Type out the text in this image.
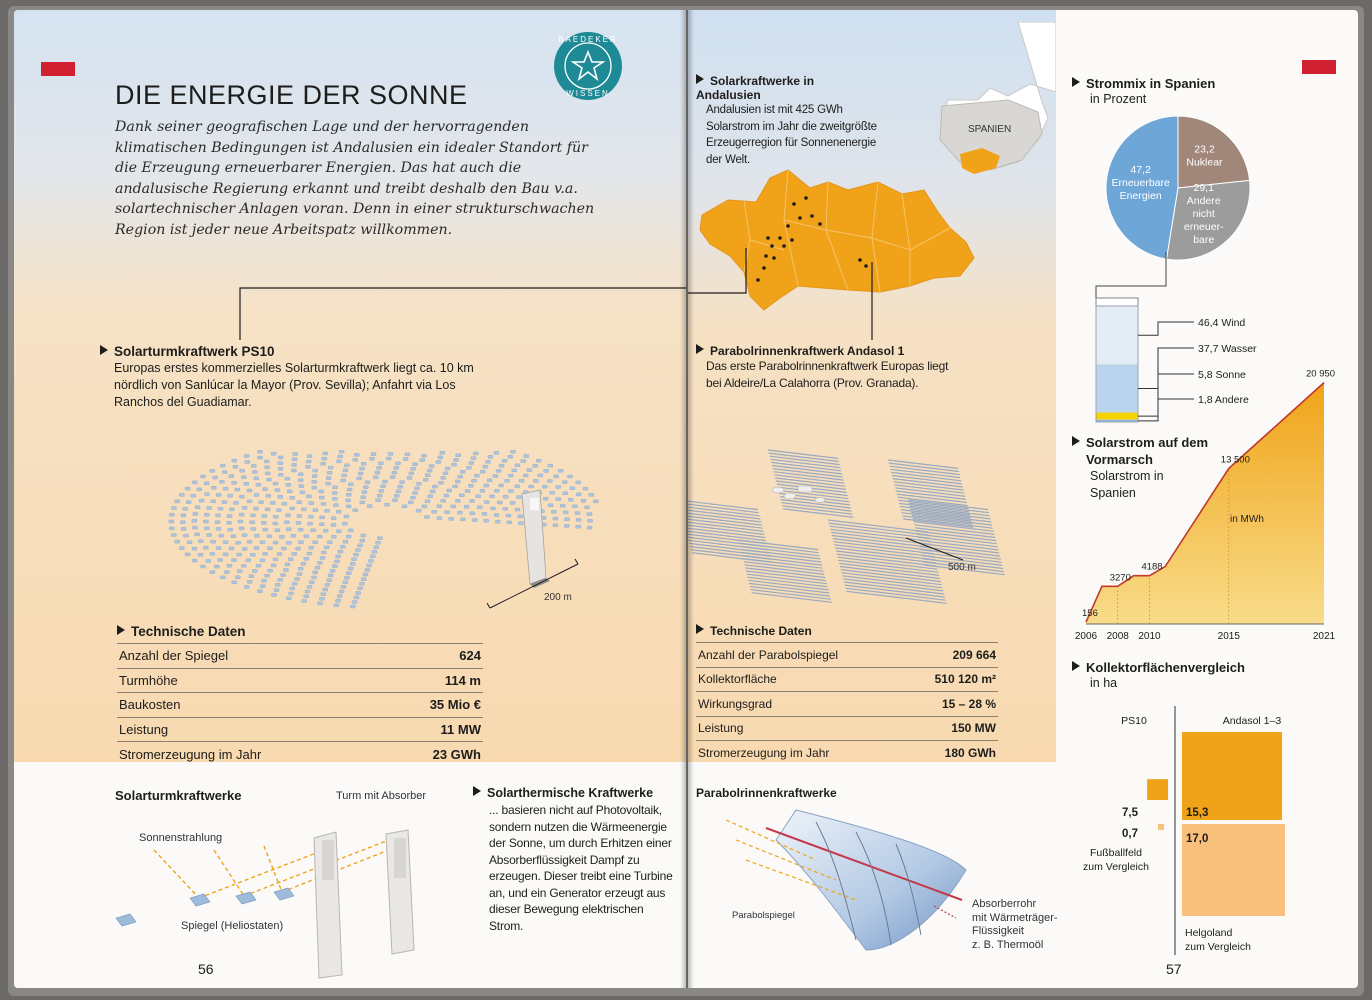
DIE ENERGIE DER SONNE
BAEDEKER
WISSEN
Dank seiner geografischen Lage und der hervorragenden klimatischen Bedingungen ist Andalusien ein idealer Standort für die Erzeugung erneuerbarer Energien. Das hat auch die andalusische Regierung erkannt und treibt deshalb den Bau v.a. solartechnischer Anlagen voran. Denn in einer strukturschwachen Region ist jeder neue Arbeitspatz willkommen.
Solarturmkraftwerk PS10
Europas erstes kommerzielles Solarturmkraftwerk liegt ca. 10 km nördlich von Sanlúcar la Mayor (Prov. Sevilla); Anfahrt via Los Ranchos del Guadiamar.
200 m
Technische Daten
Anzahl der Spiegel	624
Turmhöhe	114 m
Baukosten	35 Mio €
Leistung	11 MW
Stromerzeugung im Jahr	23 GWh
Solarturmkraftwerke	Turm mit Absorber
Sonnenstrahlung
Spiegel (Heliostaten)
Solarthermische Kraftwerke
... basieren nicht auf Photovoltaik, sondern nutzen die Wärmeenergie der Sonne, um durch Erhitzen einer Absorberflüssigkeit Dampf zu erzeugen. Dieser treibt eine Turbine an, und ein Generator erzeugt aus dieser Bewegung elektrischen Strom.
56
Solarkraftwerke in Andalusien
Andalusien ist mit 425 GWh Solarstrom im Jahr die zweitgrößte Erzeugerregion für Sonnenenergie der Welt.
SPANIEN
Parabolrinnenkraftwerk Andasol 1
Das erste Parabolrinnenkraftwerk Europas liegt bei Aldeire/La Calahorra (Prov. Granada).
500 m
Technische Daten
Anzahl der Parabolspiegel	209 664
Kollektorfläche	510 120 m²
Wirkungsgrad	15 – 28 %
Leistung	150 MW
Stromerzeugung im Jahr	180 GWh
Parabolrinnenkraftwerke
Parabolspiegel
Absorberrohr
mit Wärmeträger-
Flüssigkeit
z. B. Thermoöl
Strommix in Spanien
in Prozent
47,2
Erneuerbare
Energien
23,2
Nuklear
29,1
Andere
nicht
erneuer-
bare
46,4 Wind
37,7 Wasser
5,8 Sonne
1,8 Andere
Solarstrom auf dem Vormarsch
Solarstrom in Spanien
2006 2008 2010	2015	2021
156
3270
4188
13 500
20 950
in MWh
Kollektorflächenvergleich
in ha
PS10	Andasol 1–3
7,5
0,7
Fußballfeld
zum Vergleich
15,3
17,0
Helgoland
zum Vergleich
57
